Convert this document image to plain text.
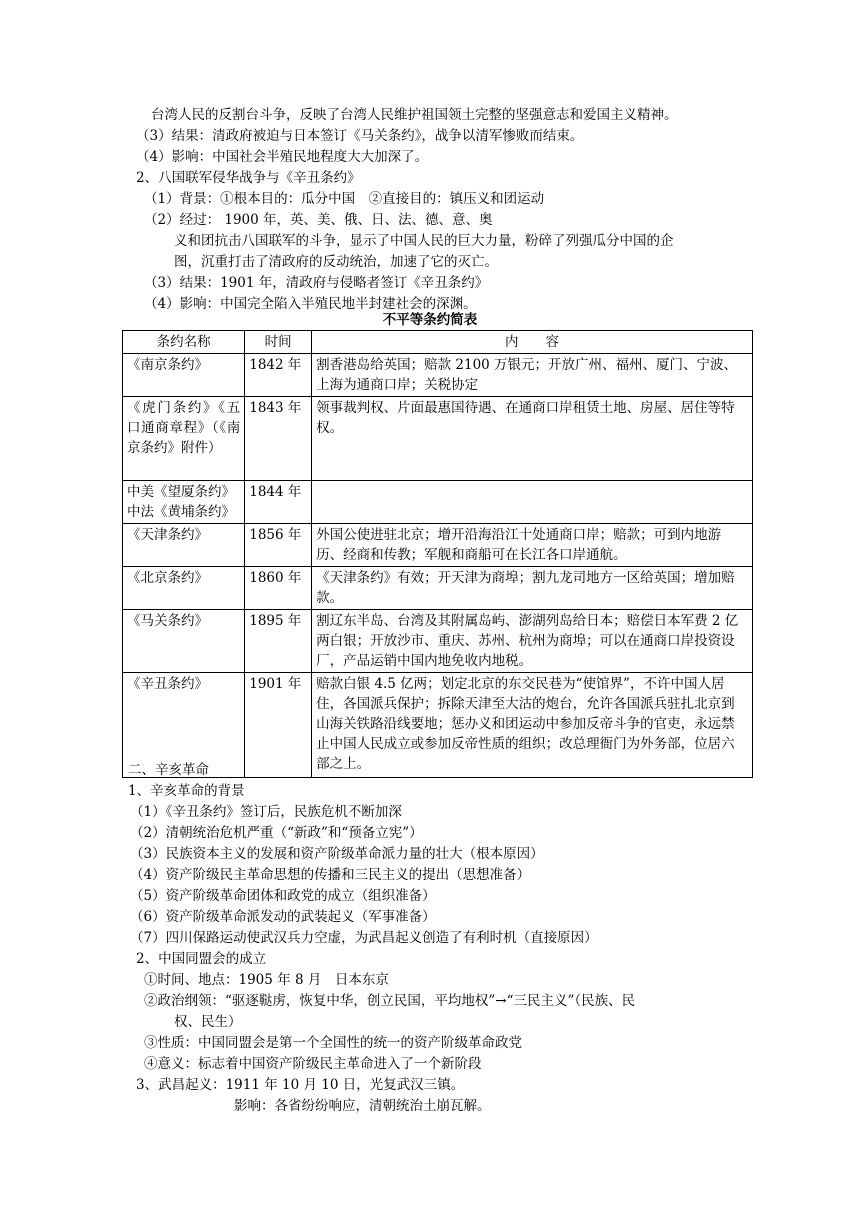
台湾人民的反割台斗争，反映了台湾人民维护祖国领土完整的坚强意志和爱国主义精神。
（3）结果：清政府被迫与日本签订《马关条约》，战争以清军惨败而结束。
（4）影响：中国社会半殖民地程度大大加深了。
2、八国联军侵华战争与《辛丑条约》
（1）背景：①根本目的：瓜分中国　②直接目的：镇压义和团运动
（2）经过： 1900 年，英、美、俄、日、法、德、意、奥
义和团抗击八国联军的斗争，显示了中国人民的巨大力量，粉碎了列强瓜分中国的企
图，沉重打击了清政府的反动统治，加速了它的灭亡。
（3）结果：1901 年，清政府与侵略者签订《辛丑条约》
（4）影响：中国完全陷入半殖民地半封建社会的深渊。
不平等条约简表
条约名称	时间	内　　容
《南京条约》	1842 年	割香港岛给英国；赔款 2100 万银元；开放广州、福州、厦门、宁波、上海为通商口岸；关税协定
《虎门条约》《五口通商章程》（《南京条约》附件）	1843 年	领事裁判权、片面最惠国待遇、在通商口岸租赁土地、房屋、居住等特权。
中美《望厦条约》中法《黄埔条约》	1844 年	
《天津条约》	1856 年	外国公使进驻北京；增开沿海沿江十处通商口岸；赔款；可到内地游历、经商和传教；军舰和商船可在长江各口岸通航。
《北京条约》	1860 年	《天津条约》有效；开天津为商埠；割九龙司地方一区给英国；增加赔款。
《马关条约》	1895 年	割辽东半岛、台湾及其附属岛屿、澎湖列岛给日本；赔偿日本军费 2 亿两白银；开放沙市、重庆、苏州、杭州为商埠；可以在通商口岸投资设厂，产品运销中国内地免收内地税。
《辛丑条约》	1901 年	赔款白银 4.5 亿两；划定北京的东交民巷为“使馆界”，不许中国人居住，各国派兵保护；拆除天津至大沽的炮台，允许各国派兵驻扎北京到山海关铁路沿线要地；惩办义和团运动中参加反帝斗争的官吏，永远禁止中国人民成立或参加反帝性质的组织；改总理衙门为外务部，位居六部之上。
二、辛亥革命
1、辛亥革命的背景
（1）《辛丑条约》签订后，民族危机不断加深
（2）清朝统治危机严重（“新政”和“预备立宪”）
（3）民族资本主义的发展和资产阶级革命派力量的壮大（根本原因）
（4）资产阶级民主革命思想的传播和三民主义的提出（思想准备）
（5）资产阶级革命团体和政党的成立（组织准备）
（6）资产阶级革命派发动的武装起义（军事准备）
（7）四川保路运动使武汉兵力空虚，为武昌起义创造了有利时机（直接原因）
2、中国同盟会的成立
①时间、地点：1905 年 8 月　日本东京
②政治纲领：“驱逐鞑虏，恢复中华，创立民国，平均地权”→“三民主义”（民族、民
权、民生）
③性质：中国同盟会是第一个全国性的统一的资产阶级革命政党
④意义：标志着中国资产阶级民主革命进入了一个新阶段
3、武昌起义：1911 年 10 月 10 日，光复武汉三镇。
影响：各省纷纷响应，清朝统治土崩瓦解。
